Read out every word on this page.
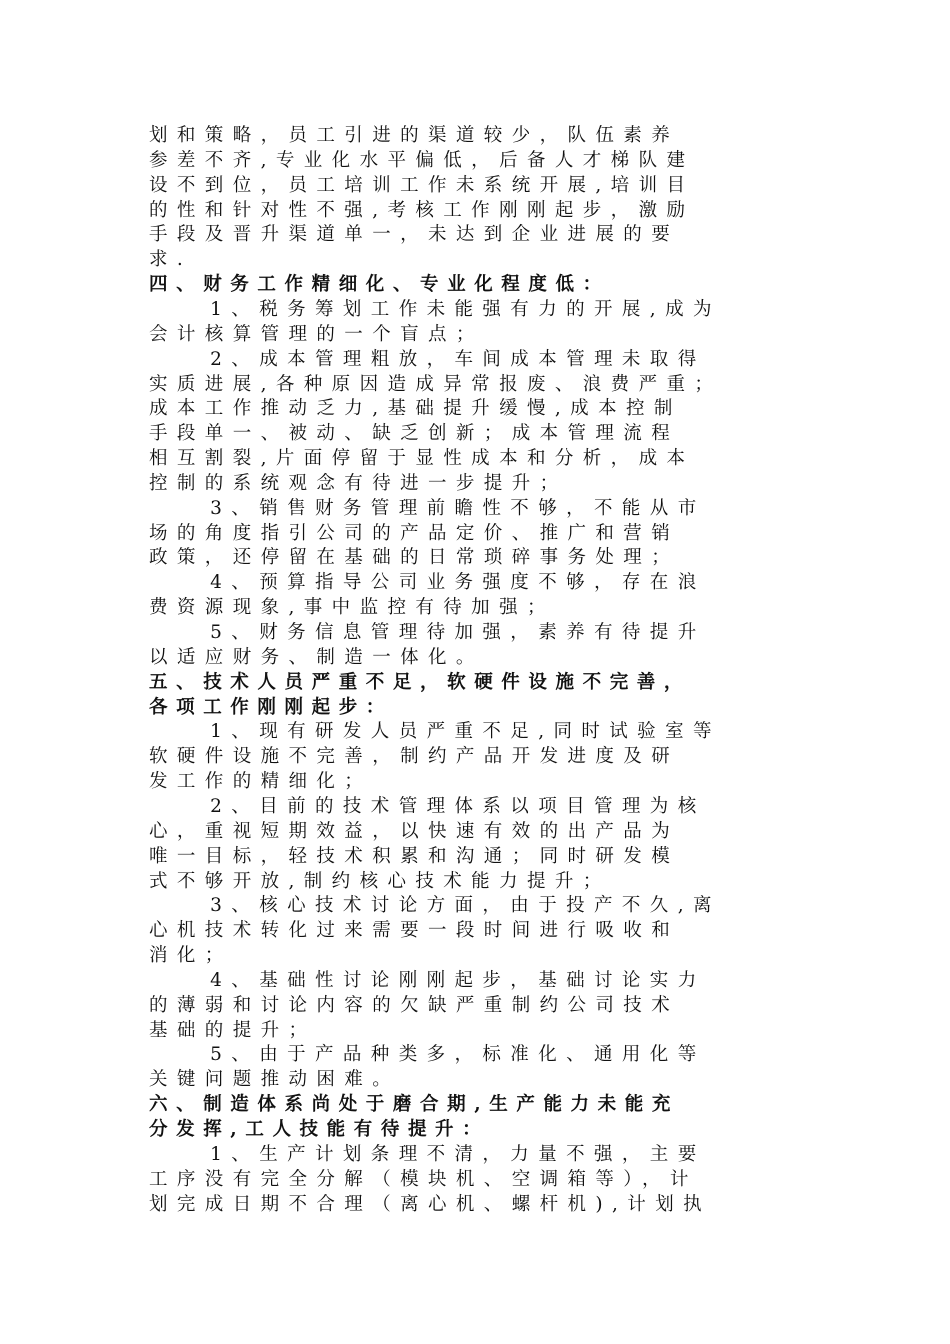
划和策略，员工引进的渠道较少，队伍素养
参差不齐,专业化水平偏低，后备人才梯队建
设不到位，员工培训工作未系统开展,培训目
的性和针对性不强,考核工作刚刚起步，激励
手段及晋升渠道单一，未达到企业进展的要
求.
四、财务工作精细化、专业化程度低：
1、税务筹划工作未能强有力的开展,成为
会计核算管理的一个盲点；
2、成本管理粗放，车间成本管理未取得
实质进展,各种原因造成异常报废、浪费严重；
成本工作推动乏力,基础提升缓慢,成本控制
手段单一、被动、缺乏创新；成本管理流程
相互割裂,片面停留于显性成本和分析，成本
控制的系统观念有待进一步提升；
3、销售财务管理前瞻性不够，不能从市
场的角度指引公司的产品定价、推广和营销
政策，还停留在基础的日常琐碎事务处理；
4、预算指导公司业务强度不够，存在浪
费资源现象,事中监控有待加强；
5、财务信息管理待加强，素养有待提升
以适应财务、制造一体化。
五、技术人员严重不足，软硬件设施不完善，
各项工作刚刚起步：
1、现有研发人员严重不足,同时试验室等
软硬件设施不完善，制约产品开发进度及研
发工作的精细化；
2、目前的技术管理体系以项目管理为核
心，重视短期效益，以快速有效的出产品为
唯一目标，轻技术积累和沟通；同时研发模
式不够开放,制约核心技术能力提升；
3、核心技术讨论方面，由于投产不久,离
心机技术转化过来需要一段时间进行吸收和
消化；
4、基础性讨论刚刚起步，基础讨论实力
的薄弱和讨论内容的欠缺严重制约公司技术
基础的提升；
5、由于产品种类多，标准化、通用化等
关键问题推动困难。
六、制造体系尚处于磨合期,生产能力未能充
分发挥,工人技能有待提升：
1、生产计划条理不清，力量不强，主要
工序没有完全分解（模块机、空调箱等），计
划完成日期不合理（离心机、螺杆机),计划执
